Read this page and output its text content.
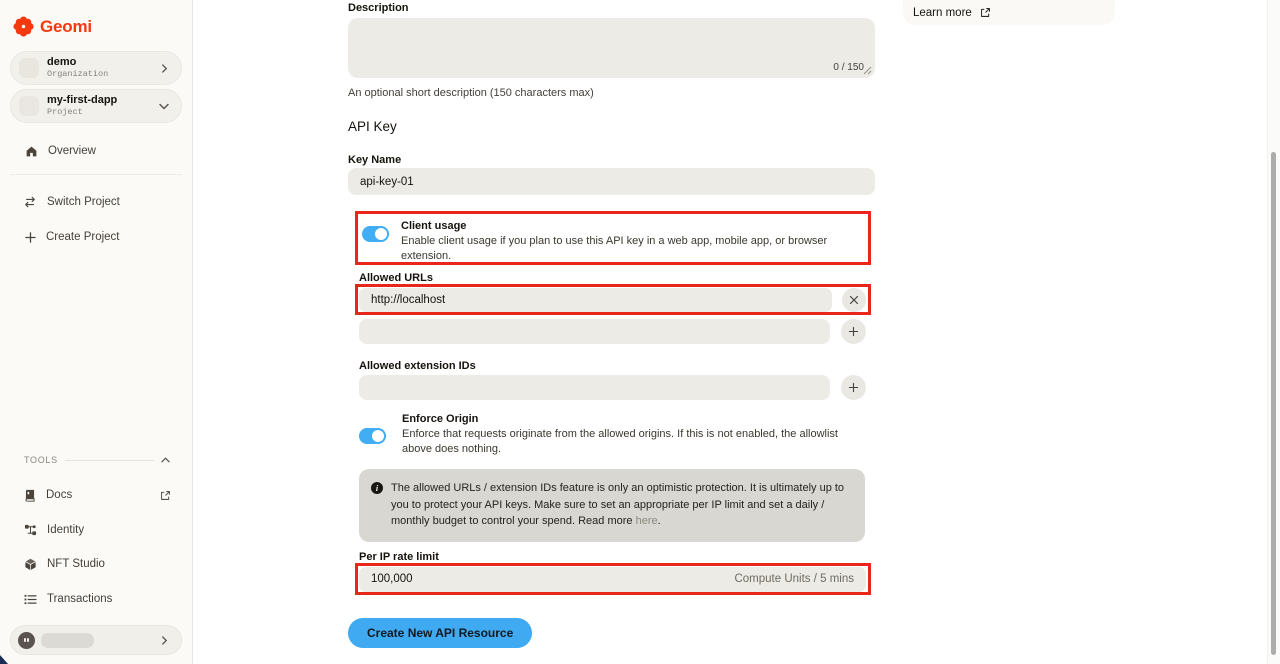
Geomi
demo
Organization
my-first-dapp
Project
Overview
Switch Project
Create Project
TOOLS
Docs
Identity
NFT Studio
Transactions
Learn more
Description
0 / 150
An optional short description (150 characters max)
API Key
Key Name
api-key-01
Client usage
Enable client usage if you plan to use this API key in a web app, mobile app, or browser extension.
Allowed URLs
http://localhost
Allowed extension IDs
Enforce Origin
Enforce that requests originate from the allowed origins. If this is not enabled, the allowlist above does nothing.
i	The allowed URLs / extension IDs feature is only an optimistic protection. It is ultimately up to you to protect your API keys. Make sure to set an appropriate per IP limit and set a daily / monthly budget to control your spend. Read more here.
Per IP rate limit
100,000
Compute Units / 5 mins
Create New API Resource
